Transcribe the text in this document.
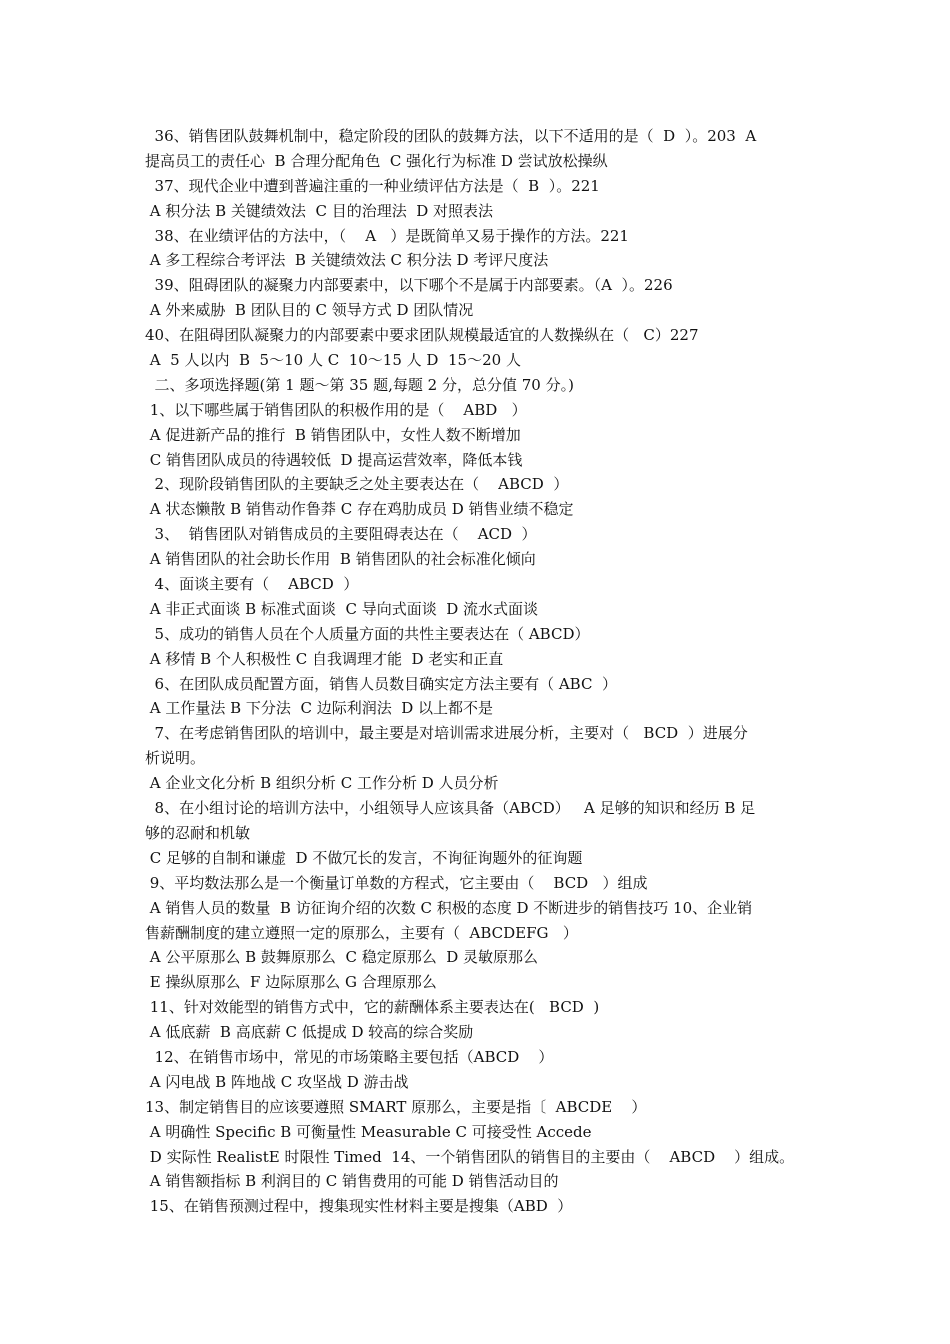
36、销售团队鼓舞机制中，稳定阶段的团队的鼓舞方法，以下不适用的是（  D  ）。203  A
提高员工的责任心  B 合理分配角色  C 强化行为标准 D 尝试放松操纵
37、现代企业中遭到普遍注重的一种业绩评估方法是（  B  ）。221
A 积分法 B 关键绩效法  C 目的治理法  D 对照表法
38、在业绩评估的方法中，（    A   ）是既简单又易于操作的方法。221
A 多工程综合考评法  B 关键绩效法 C 积分法 D 考评尺度法
39、阻碍团队的凝聚力内部要素中，以下哪个不是属于内部要素。（A  ）。226
A 外来威胁  B 团队目的 C 领导方式 D 团队情况
40、在阻碍团队凝聚力的内部要素中要求团队规模最适宜的人数操纵在（   C）227
A  5 人以内  B  5～10 人 C  10～15 人 D  15～20 人
二、多项选择题(第 1 题～第 35 题,每题 2 分，总分值 70 分。)
1、以下哪些属于销售团队的积极作用的是（    ABD   ）
A 促进新产品的推行  B 销售团队中，女性人数不断增加
C 销售团队成员的待遇较低  D 提高运营效率，降低本钱
2、现阶段销售团队的主要缺乏之处主要表达在（    ABCD  ）
A 状态懒散 B 销售动作鲁莽 C 存在鸡肋成员 D 销售业绩不稳定
3、  销售团队对销售成员的主要阻碍表达在（    ACD  ）
A 销售团队的社会助长作用  B 销售团队的社会标准化倾向
4、面谈主要有（    ABCD  ）
A 非正式面谈 B 标准式面谈  C 导向式面谈  D 流水式面谈
5、成功的销售人员在个人质量方面的共性主要表达在（ ABCD）
A 移情 B 个人积极性 C 自我调理才能  D 老实和正直
6、在团队成员配置方面，销售人员数目确实定方法主要有（ ABC  ）
A 工作量法 B 下分法  C 边际利润法  D 以上都不是
7、在考虑销售团队的培训中，最主要是对培训需求进展分析，主要对（   BCD  ）进展分
析说明。
A 企业文化分析 B 组织分析 C 工作分析 D 人员分析
8、在小组讨论的培训方法中，小组领导人应该具备（ABCD）   A 足够的知识和经历 B 足
够的忍耐和机敏
C 足够的自制和谦虚  D 不做冗长的发言，不询征询题外的征询题
9、平均数法那么是一个衡量订单数的方程式，它主要由（    BCD   ）组成
A 销售人员的数量  B 访征询介绍的次数 C 积极的态度 D 不断进步的销售技巧 10、企业销
售薪酬制度的建立遵照一定的原那么，主要有（  ABCDEFG   ）
A 公平原那么 B 鼓舞原那么  C 稳定原那么  D 灵敏原那么
E 操纵原那么  F 边际原那么 G 合理原那么
11、针对效能型的销售方式中，它的薪酬体系主要表达在(   BCD  )
A 低底薪  B 高底薪 C 低提成 D 较高的综合奖励
12、在销售市场中，常见的市场策略主要包括（ABCD    ）
A 闪电战 B 阵地战 C 攻坚战 D 游击战
13、制定销售目的应该要遵照 SMART 原那么，主要是指〔  ABCDE    ）
A 明确性 Specific B 可衡量性 Measurable C 可接受性 Accede
D 实际性 RealistE 时限性 Timed  14、一个销售团队的销售目的主要由（    ABCD    ）组成。
A 销售额指标 B 利润目的 C 销售费用的可能 D 销售活动目的
15、在销售预测过程中，搜集现实性材料主要是搜集（ABD  ）
